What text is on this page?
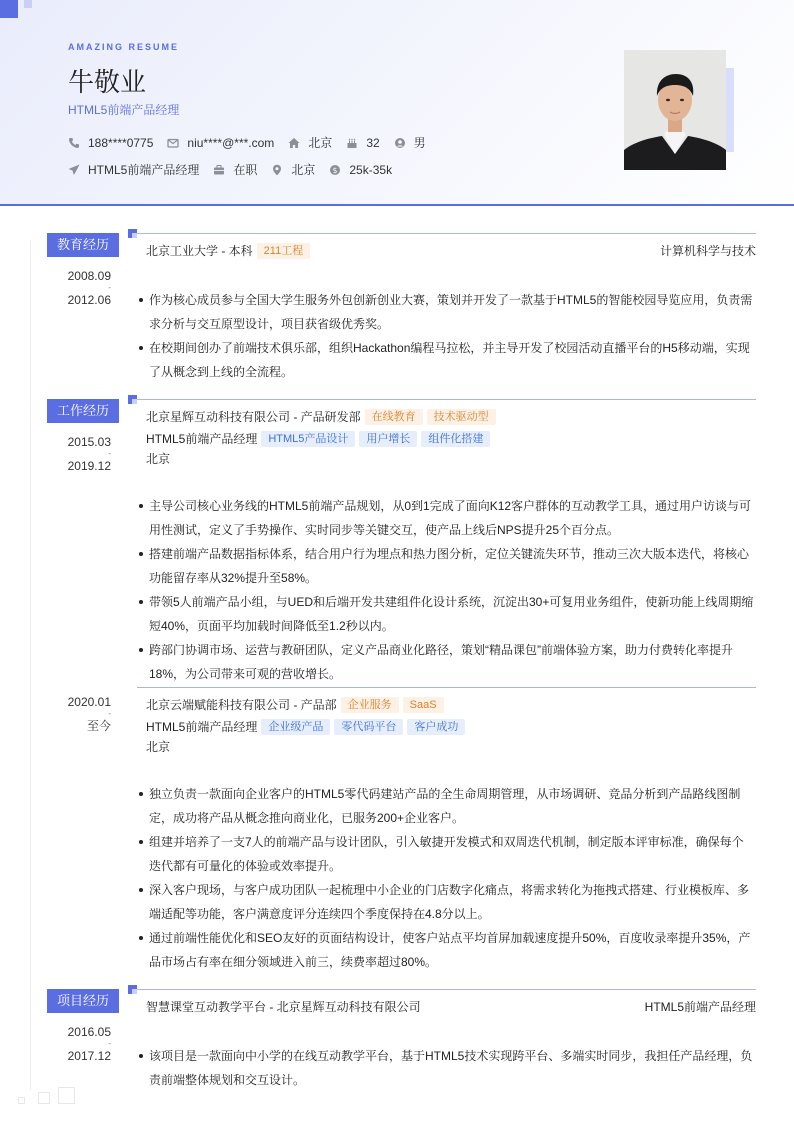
AMAZING RESUME
牛敬业
HTML5前端产品经理
188****0775	niu****@***.com	北京	32	男
HTML5前端产品经理	在职	北京 $ 25k-35k
教育经历
2008.09
-
2012.06
北京工业大学 - 本科	211工程	计算机科学与技术
作为核心成员参与全国大学生服务外包创新创业大赛，策划并开发了一款基于HTML5的智能校园导览应用，负责需求分析与交互原型设计，项目获省级优秀奖。
在校期间创办了前端技术俱乐部，组织Hackathon编程马拉松，并主导开发了校园活动直播平台的H5移动端，实现了从概念到上线的全流程。
工作经历
2015.03
-
2019.12
北京星辉互动科技有限公司 - 产品研发部	在线教育	技术驱动型
HTML5前端产品经理	HTML5产品设计	用户增长	组件化搭建
北京
主导公司核心业务线的HTML5前端产品规划，从0到1完成了面向K12客户群体的互动教学工具，通过用户访谈与可用性测试，定义了手势操作、实时同步等关键交互，使产品上线后NPS提升25个百分点。
搭建前端产品数据指标体系，结合用户行为埋点和热力图分析，定位关键流失环节，推动三次大版本迭代，将核心功能留存率从32%提升至58%。
带领5人前端产品小组，与UED和后端开发共建组件化设计系统，沉淀出30+可复用业务组件，使新功能上线周期缩短40%，页面平均加载时间降低至1.2秒以内。
跨部门协调市场、运营与教研团队，定义产品商业化路径，策划“精品课包”前端体验方案，助力付费转化率提升18%，为公司带来可观的营收增长。
2020.01
-
至今
北京云端赋能科技有限公司 - 产品部	企业服务	SaaS
HTML5前端产品经理	企业级产品	零代码平台	客户成功
北京
独立负责一款面向企业客户的HTML5零代码建站产品的全生命周期管理，从市场调研、竞品分析到产品路线图制定，成功将产品从概念推向商业化，已服务200+企业客户。
组建并培养了一支7人的前端产品与设计团队，引入敏捷开发模式和双周迭代机制，制定版本评审标准，确保每个迭代都有可量化的体验或效率提升。
深入客户现场，与客户成功团队一起梳理中小企业的门店数字化痛点，将需求转化为拖拽式搭建、行业模板库、多端适配等功能，客户满意度评分连续四个季度保持在4.8分以上。
通过前端性能优化和SEO友好的页面结构设计，使客户站点平均首屏加载速度提升50%，百度收录率提升35%，产品市场占有率在细分领域进入前三，续费率超过80%。
项目经历
2016.05
-
2017.12
智慧课堂互动教学平台 - 北京星辉互动科技有限公司	HTML5前端产品经理
该项目是一款面向中小学的在线互动教学平台，基于HTML5技术实现跨平台、多端实时同步，我担任产品经理，负责前端整体规划和交互设计。
